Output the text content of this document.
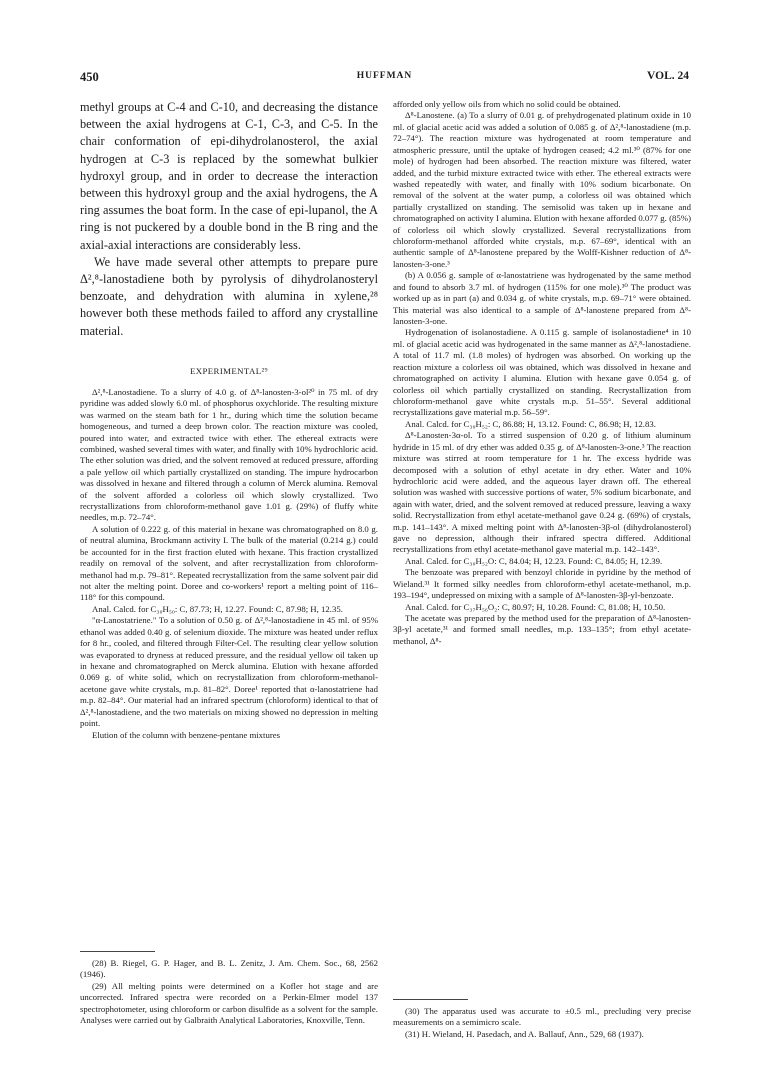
450	HUFFMAN	VOL. 24

methyl groups at C-4 and C-10, and decreasing the distance between the axial hydrogens at C-1, C-3, and C-5. In the chair conformation of epi-dihydrolanosterol, the axial hydrogen at C-3 is replaced by the somewhat bulkier hydroxyl group, and in order to decrease the interaction between this hydroxyl group and the axial hydrogens, the A ring assumes the boat form. In the case of epi-lupanol, the A ring is not puckered by a double bond in the B ring and the axial-axial interactions are considerably less.

We have made several other attempts to prepare pure Δ²,⁸-lanostadiene both by pyrolysis of dihydrolanosteryl benzoate, and dehydration with alumina in xylene,²⁸ however both these methods failed to afford any crystalline material.

EXPERIMENTAL²⁹

Δ²,⁸-Lanostadiene. To a slurry of 4.0 g. of Δ⁸-lanosten-3-ol²⁰ in 75 ml. of dry pyridine was added slowly 6.0 ml. of phosphorus oxychloride. The resulting mixture was warmed on the steam bath for 1 hr., during which time the solution became homogeneous, and turned a deep brown color. The reaction mixture was cooled, poured into water, and extracted twice with ether. The ethereal extracts were combined, washed several times with water, and finally with 10% hydrochloric acid. The ether solution was dried, and the solvent removed at reduced pressure, affording a pale yellow oil which partially crystallized on standing. The impure hydrocarbon was dissolved in hexane and filtered through a column of Merck alumina. Removal of the solvent afforded a colorless oil which slowly crystallized. Two recrystallizations from chloroform-methanol gave 1.01 g. (29%) of fluffy white needles, m.p. 72–74°.

A solution of 0.222 g. of this material in hexane was chromatographed on 8.0 g. of neutral alumina, Brockmann activity I. The bulk of the material (0.214 g.) could be accounted for in the first fraction eluted with hexane. This fraction crystallized readily on removal of the solvent, and after recrystallization from chloroform-methanol had m.p. 79–81°. Repeated recrystallization from the same solvent pair did not alter the melting point. Doree and co-workers¹ report a melting point of 116–118° for this compound.

Anal. Calcd. for C₃₀H₅₀: C, 87.73; H, 12.27. Found: C, 87.98; H, 12.35.

"α-Lanostatriene." To a solution of 0.50 g. of Δ²,⁸-lanostadiene in 45 ml. of 95% ethanol was added 0.40 g. of selenium dioxide. The mixture was heated under reflux for 8 hr., cooled, and filtered through Filter-Cel. The resulting clear yellow solution was evaporated to dryness at reduced pressure, and the residual yellow oil taken up in hexane and chromatographed on Merck alumina. Elution with hexane afforded 0.069 g. of white solid, which on recrystallization from chloroform-methanol-acetone gave white crystals, m.p. 81–82°. Doree¹ reported that α-lanostatriene had m.p. 82–84°. Our material had an infrared spectrum (chloroform) identical to that of Δ²,⁸-lanostadiene, and the two materials on mixing showed no depression in melting point.

Elution of the column with benzene-pentane mixtures

(28) B. Riegel, G. P. Hager, and B. L. Zenitz, J. Am. Chem. Soc., 68, 2562 (1946).

(29) All melting points were determined on a Kofler hot stage and are uncorrected. Infrared spectra were recorded on a Perkin-Elmer model 137 spectrophotometer, using chloroform or carbon disulfide as a solvent for the sample. Analyses were carried out by Galbraith Analytical Laboratories, Knoxville, Tenn.

afforded only yellow oils from which no solid could be obtained.

Δ⁸-Lanostene. (a) To a slurry of 0.01 g. of prehydrogenated platinum oxide in 10 ml. of glacial acetic acid was added a solution of 0.085 g. of Δ²,⁸-lanostadiene (m.p. 72–74°). The reaction mixture was hydrogenated at room temperature and atmospheric pressure, until the uptake of hydrogen ceased; 4.2 ml.³⁰ (87% for one mole) of hydrogen had been absorbed. The reaction mixture was filtered, water added, and the turbid mixture extracted twice with ether. The ethereal extracts were washed repeatedly with water, and finally with 10% sodium bicarbonate. On removal of the solvent at the water pump, a colorless oil was obtained which partially crystallized on standing. The semisolid was taken up in hexane and chromatographed on activity I alumina. Elution with hexane afforded 0.077 g. (85%) of colorless oil which slowly crystallized. Several recrystallizations from chloroform-methanol afforded white crystals, m.p. 67–69°, identical with an authentic sample of Δ⁸-lanostene prepared by the Wolff-Kishner reduction of Δ⁸-lanosten-3-one.³

(b) A 0.056 g. sample of α-lanostatriene was hydrogenated by the same method and found to absorb 3.7 ml. of hydrogen (115% for one mole).³⁰ The product was worked up as in part (a) and 0.034 g. of white crystals, m.p. 69–71° were obtained. This material was also identical to a sample of Δ⁸-lanostene prepared from Δ⁸-lanosten-3-one.

Hydrogenation of isolanostadiene. A 0.115 g. sample of isolanostadiene⁴ in 10 ml. of glacial acetic acid was hydrogenated in the same manner as Δ²,⁸-lanostadiene. A total of 11.7 ml. (1.8 moles) of hydrogen was absorbed. On working up the reaction mixture a colorless oil was obtained, which was dissolved in hexane and chromatographed on activity I alumina. Elution with hexane gave 0.054 g. of colorless oil which partially crystallized on standing. Recrystallization from chloroform-methanol gave white crystals m.p. 51–55°. Several additional recrystallizations gave material m.p. 56–59°.

Anal. Calcd. for C₃₀H₅₂: C, 86.88; H, 13.12. Found: C, 86.98; H, 12.83.

Δ⁸-Lanosten-3α-ol. To a stirred suspension of 0.20 g. of lithium aluminum hydride in 15 ml. of dry ether was added 0.35 g. of Δ⁸-lanosten-3-one.³ The reaction mixture was stirred at room temperature for 1 hr. The excess hydride was decomposed with a solution of ethyl acetate in dry ether. Water and 10% hydrochloric acid were added, and the aqueous layer drawn off. The ethereal solution was washed with successive portions of water, 5% sodium bicarbonate, and again with water, dried, and the solvent removed at reduced pressure, leaving a waxy solid. Recrystallization from ethyl acetate-methanol gave 0.24 g. (69%) of crystals, m.p. 141–143°. A mixed melting point with Δ⁸-lanosten-3β-ol (dihydrolanosterol) gave no depression, although their infrared spectra differed. Additional recrystallizations from ethyl acetate-methanol gave material m.p. 142–143°.

Anal. Calcd. for C₃₀H₅₂O: C, 84.04; H, 12.23. Found: C, 84.05; H, 12.39.

The benzoate was prepared with benzoyl chloride in pyridine by the method of Wieland.³¹ It formed silky needles from chloroform-ethyl acetate-methanol, m.p. 193–194°, undepressed on mixing with a sample of Δ⁸-lanosten-3β-yl-benzoate.

Anal. Calcd. for C₃₇H₅₆O₂: C, 80.97; H, 10.28. Found: C, 81.08; H, 10.50.

The acetate was prepared by the method used for the preparation of Δ⁸-lanosten-3β-yl acetate,³¹ and formed small needles, m.p. 133–135°; from ethyl acetate-methanol, Δ⁸-

(30) The apparatus used was accurate to ±0.5 ml., precluding very precise measurements on a semimicro scale.

(31) H. Wieland, H. Pasedach, and A. Ballauf, Ann., 529, 68 (1937).
